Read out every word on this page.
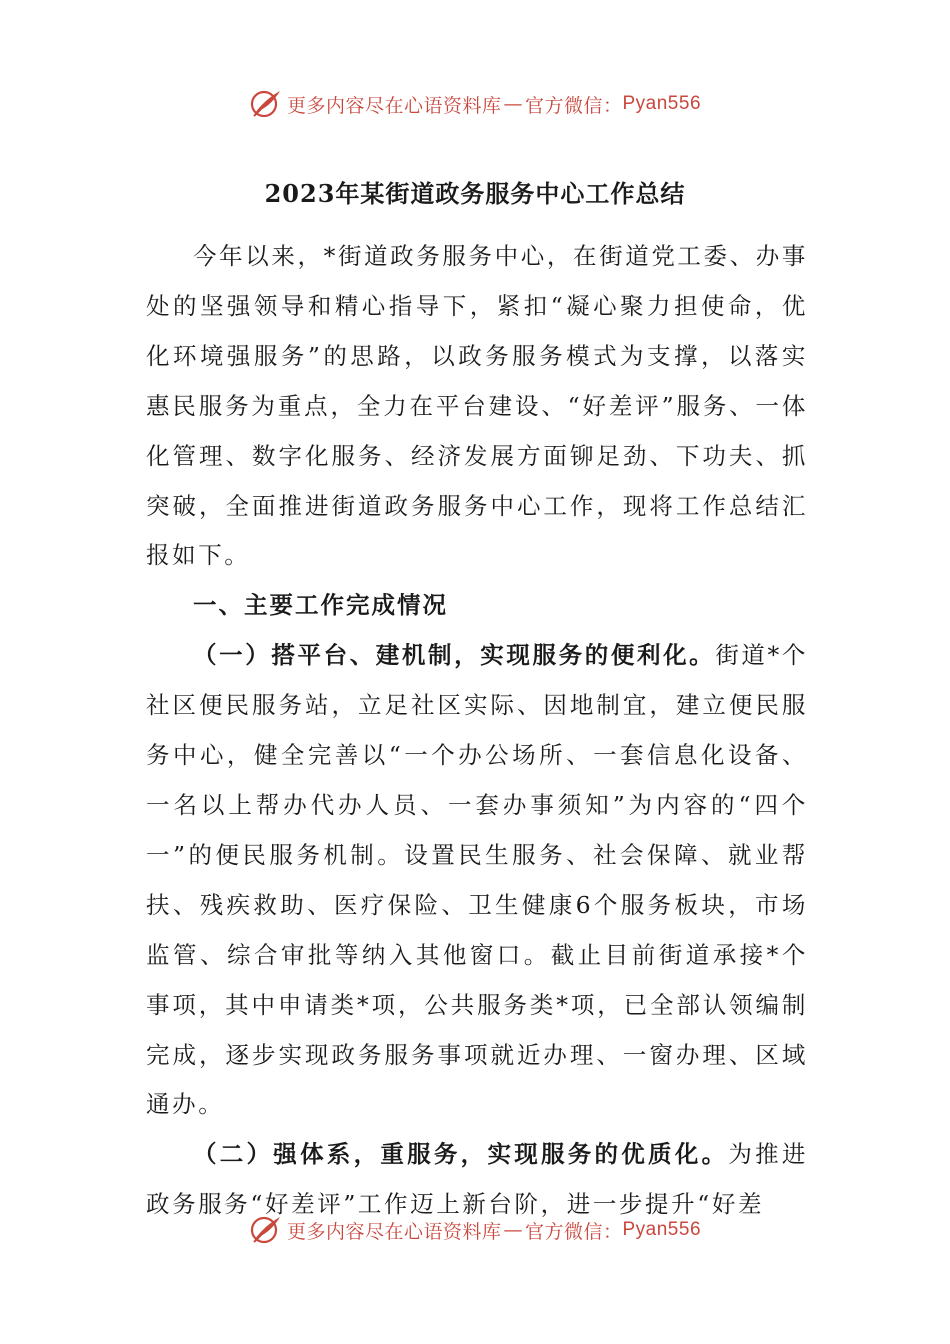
更多内容尽在心语资料库 — 官方微信： Pyan556
2023年某街道政务服务中心工作总结

今年以来，*街道政务服务中心，在街道党工委、办事处的坚强领导和精心指导下，紧扣“凝心聚力担使命，优化环境强服务”的思路，以政务服务模式为支撑，以落实惠民服务为重点，全力在平台建设、“好差评”服务、一体化管理、数字化服务、经济发展方面铆足劲、下功夫、抓突破，全面推进街道政务服务中心工作，现将工作总结汇报如下。

一、主要工作完成情况

（一）搭平台、建机制，实现服务的便利化。街道*个社区便民服务站，立足社区实际、因地制宜，建立便民服务中心，健全完善以“一个办公场所、一套信息化设备、一名以上帮办代办人员、一套办事须知”为内容的“四个一”的便民服务机制。设置民生服务、社会保障、就业帮扶、残疾救助、医疗保险、卫生健康6个服务板块，市场监管、综合审批等纳入其他窗口。截止目前街道承接*个事项，其中申请类*项，公共服务类*项，已全部认领编制完成，逐步实现政务服务事项就近办理、一窗办理、区域通办。

（二）强体系，重服务，实现服务的优质化。为推进政务服务“好差评”工作迈上新台阶，进一步提升“好差

更多内容尽在心语资料库 — 官方微信： Pyan556
